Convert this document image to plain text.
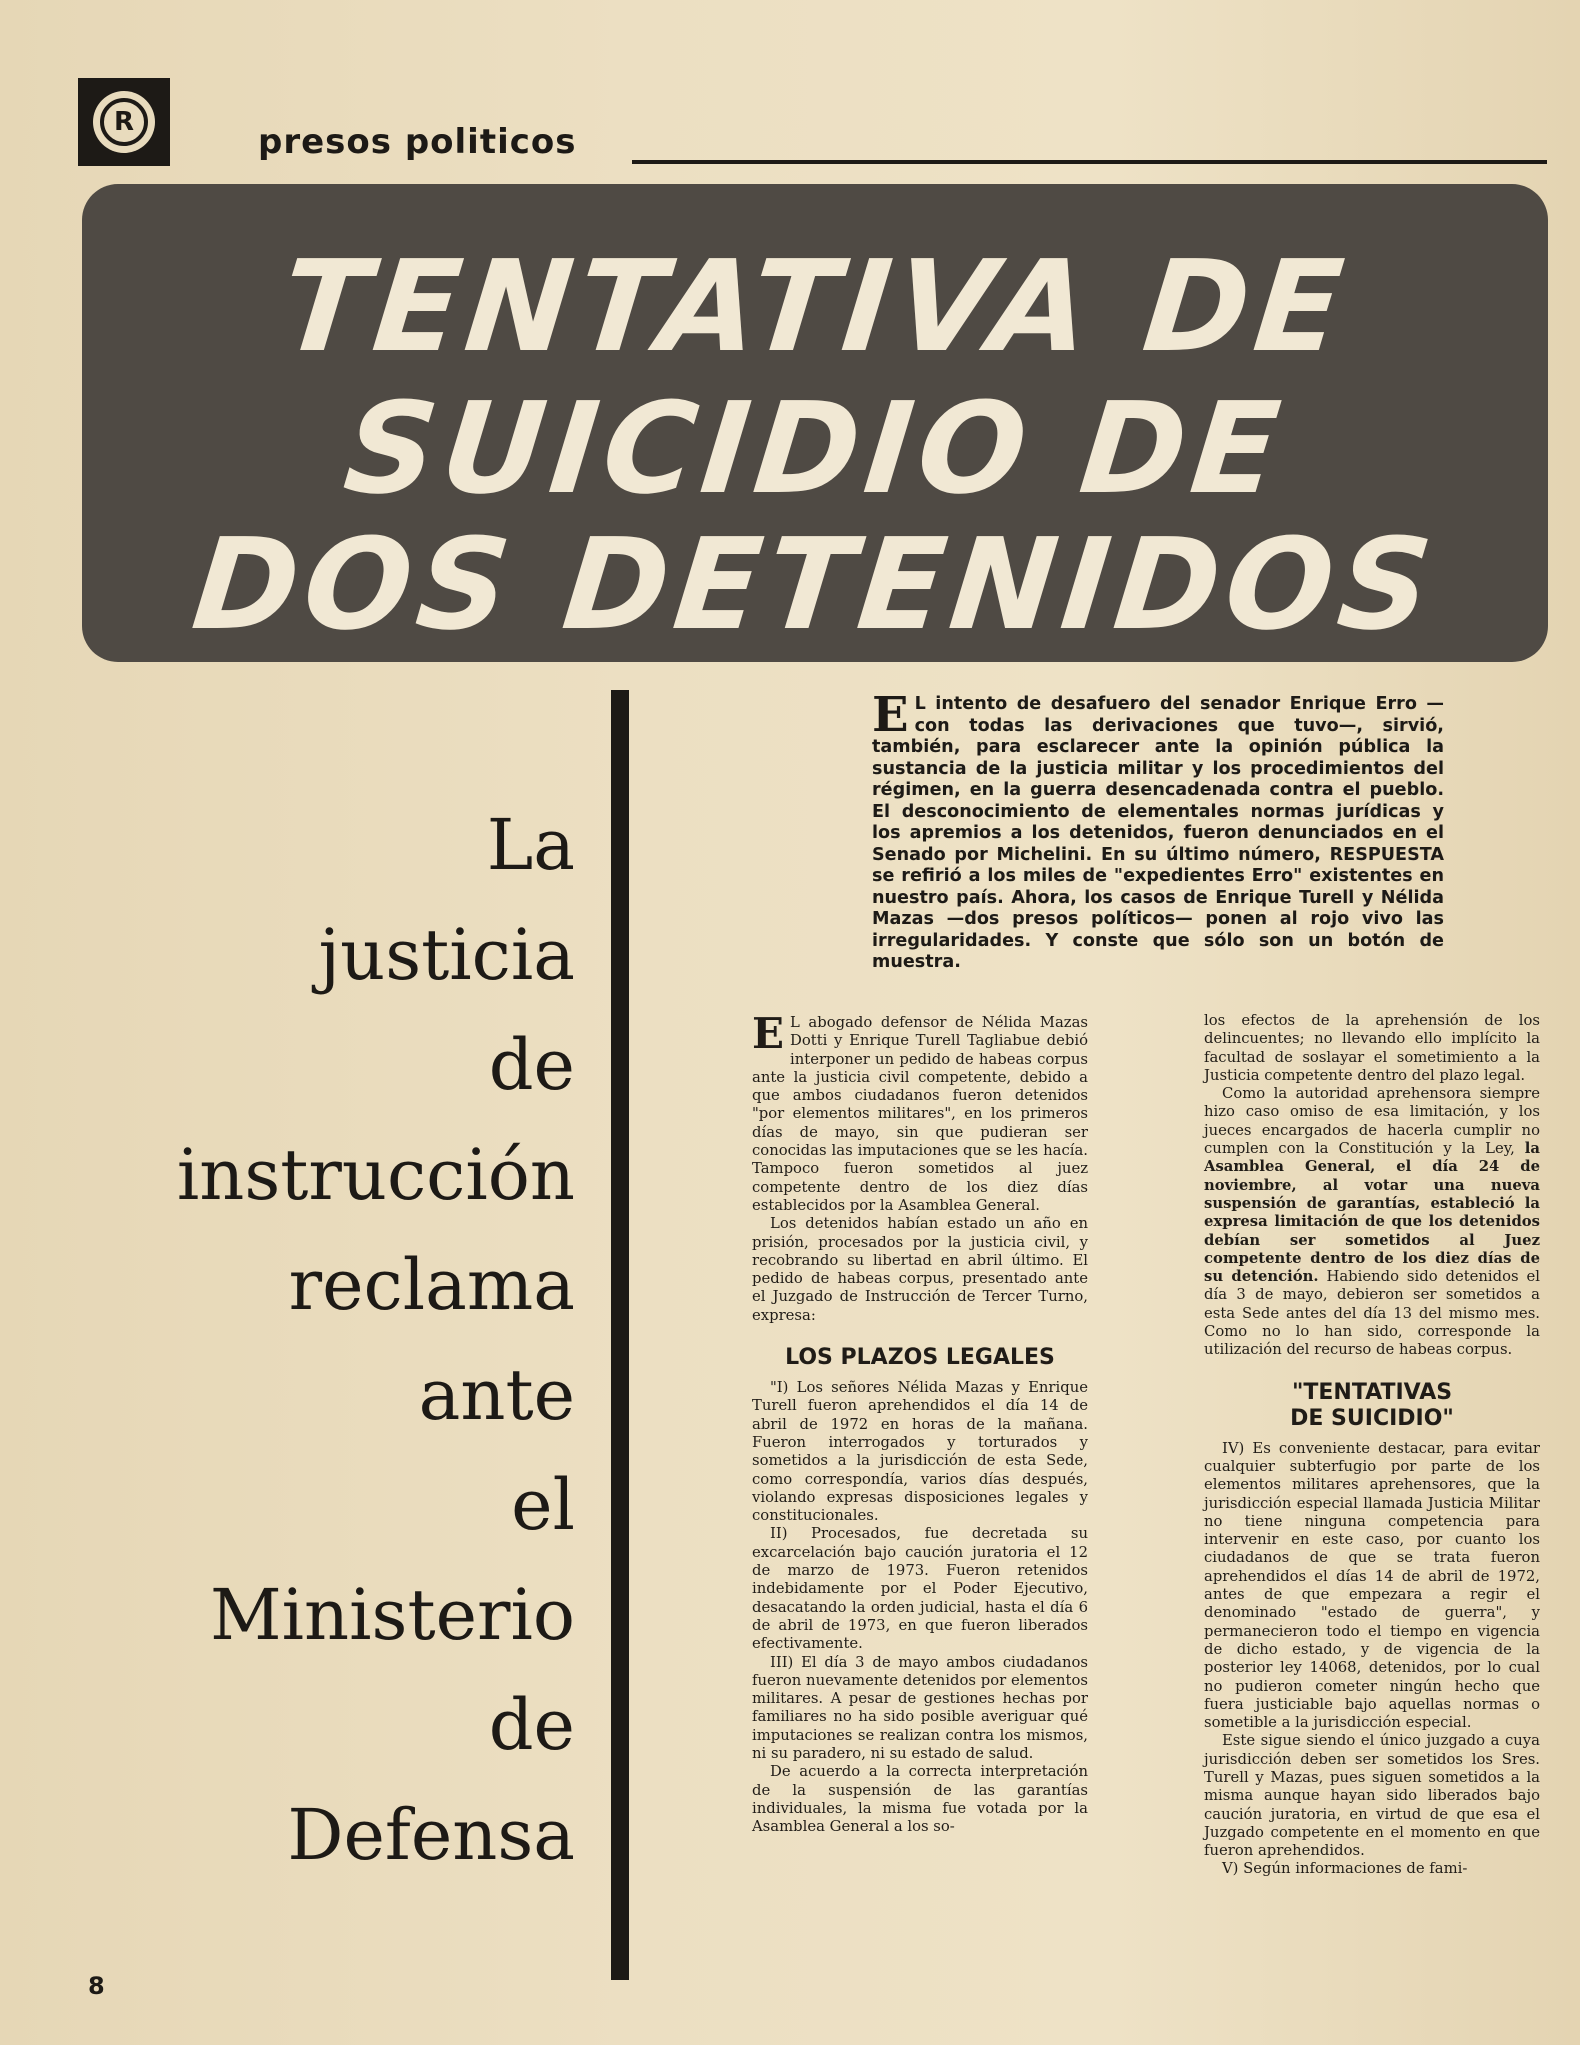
R	presos politicos
TENTATIVA DE
SUICIDIO DE
DOS DETENIDOS
La
justicia
de
instrucción
reclama
ante
el
Ministerio
de
Defensa
E L intento de desafuero del senador Enrique Erro —con todas las derivaciones que tuvo—, sirvió, también, para esclarecer ante la opinión pública la sustancia de la justicia militar y los procedimientos del régimen, en la guerra desencadenada contra el pueblo. El desconocimiento de elementales normas jurídicas y los apremios a los detenidos, fueron denunciados en el Senado por Michelini. En su último número, RESPUESTA se refirió a los miles de "expedientes Erro" existentes en nuestro país. Ahora, los casos de Enrique Turell y Nélida Mazas —dos presos políticos— ponen al rojo vivo las irregularidades. Y conste que sólo son un botón de muestra.

E L abogado defensor de Nélida Mazas Dotti y Enrique Turell Tagliabue debió interponer un pedido de habeas corpus ante la justicia civil competente, debido a que ambos ciudadanos fueron detenidos "por elementos militares", en los primeros días de mayo, sin que pudieran ser conocidas las imputaciones que se les hacía. Tampoco fueron sometidos al juez competente dentro de los diez días establecidos por la Asamblea General.

Los detenidos habían estado un año en prisión, procesados por la justicia civil, y recobrando su libertad en abril último. El pedido de habeas corpus, presentado ante el Juzgado de Instrucción de Tercer Turno, expresa:

LOS PLAZOS LEGALES

"I) Los señores Nélida Mazas y Enrique Turell fueron aprehendidos el día 14 de abril de 1972 en horas de la mañana. Fueron interrogados y torturados y sometidos a la jurisdicción de esta Sede, como correspondía, varios días después, violando expresas disposiciones legales y constitucionales.

II) Procesados, fue decretada su excarcelación bajo caución juratoria el 12 de marzo de 1973. Fueron retenidos indebidamente por el Poder Ejecutivo, desacatando la orden judicial, hasta el día 6 de abril de 1973, en que fueron liberados efectivamente.

III) El día 3 de mayo ambos ciudadanos fueron nuevamente detenidos por elementos militares. A pesar de gestiones hechas por familiares no ha sido posible averiguar qué imputaciones se realizan contra los mismos, ni su paradero, ni su estado de salud.

De acuerdo a la correcta interpretación de la suspensión de las garantías individuales, la misma fue votada por la Asamblea General a los so-

los efectos de la aprehensión de los delincuentes; no llevando ello implícito la facultad de soslayar el sometimiento a la Justicia competente dentro del plazo legal.

Como la autoridad aprehensora siempre hizo caso omiso de esa limitación, y los jueces encargados de hacerla cumplir no cumplen con la Constitución y la Ley, la Asamblea General, el día 24 de noviembre, al votar una nueva suspensión de garantías, estableció la expresa limitación de que los detenidos debían ser sometidos al Juez competente dentro de los diez días de su detención. Habiendo sido detenidos el día 3 de mayo, debieron ser sometidos a esta Sede antes del día 13 del mismo mes. Como no lo han sido, corresponde la utilización del recurso de habeas corpus.

"TENTATIVAS
DE SUICIDIO"

IV) Es conveniente destacar, para evitar cualquier subterfugio por parte de los elementos militares aprehensores, que la jurisdicción especial llamada Justicia Militar no tiene ninguna competencia para intervenir en este caso, por cuanto los ciudadanos de que se trata fueron aprehendidos el días 14 de abril de 1972, antes de que empezara a regir el denominado "estado de guerra", y permanecieron todo el tiempo en vigencia de dicho estado, y de vigencia de la posterior ley 14068, detenidos, por lo cual no pudieron cometer ningún hecho que fuera justiciable bajo aquellas normas o sometible a la jurisdicción especial.

Este sigue siendo el único juzgado a cuya jurisdicción deben ser sometidos los Sres. Turell y Mazas, pues siguen sometidos a la misma aunque hayan sido liberados bajo caución juratoria, en virtud de que esa el Juzgado competente en el momento en que fueron aprehendidos.

V) Según informaciones de fami-

8
